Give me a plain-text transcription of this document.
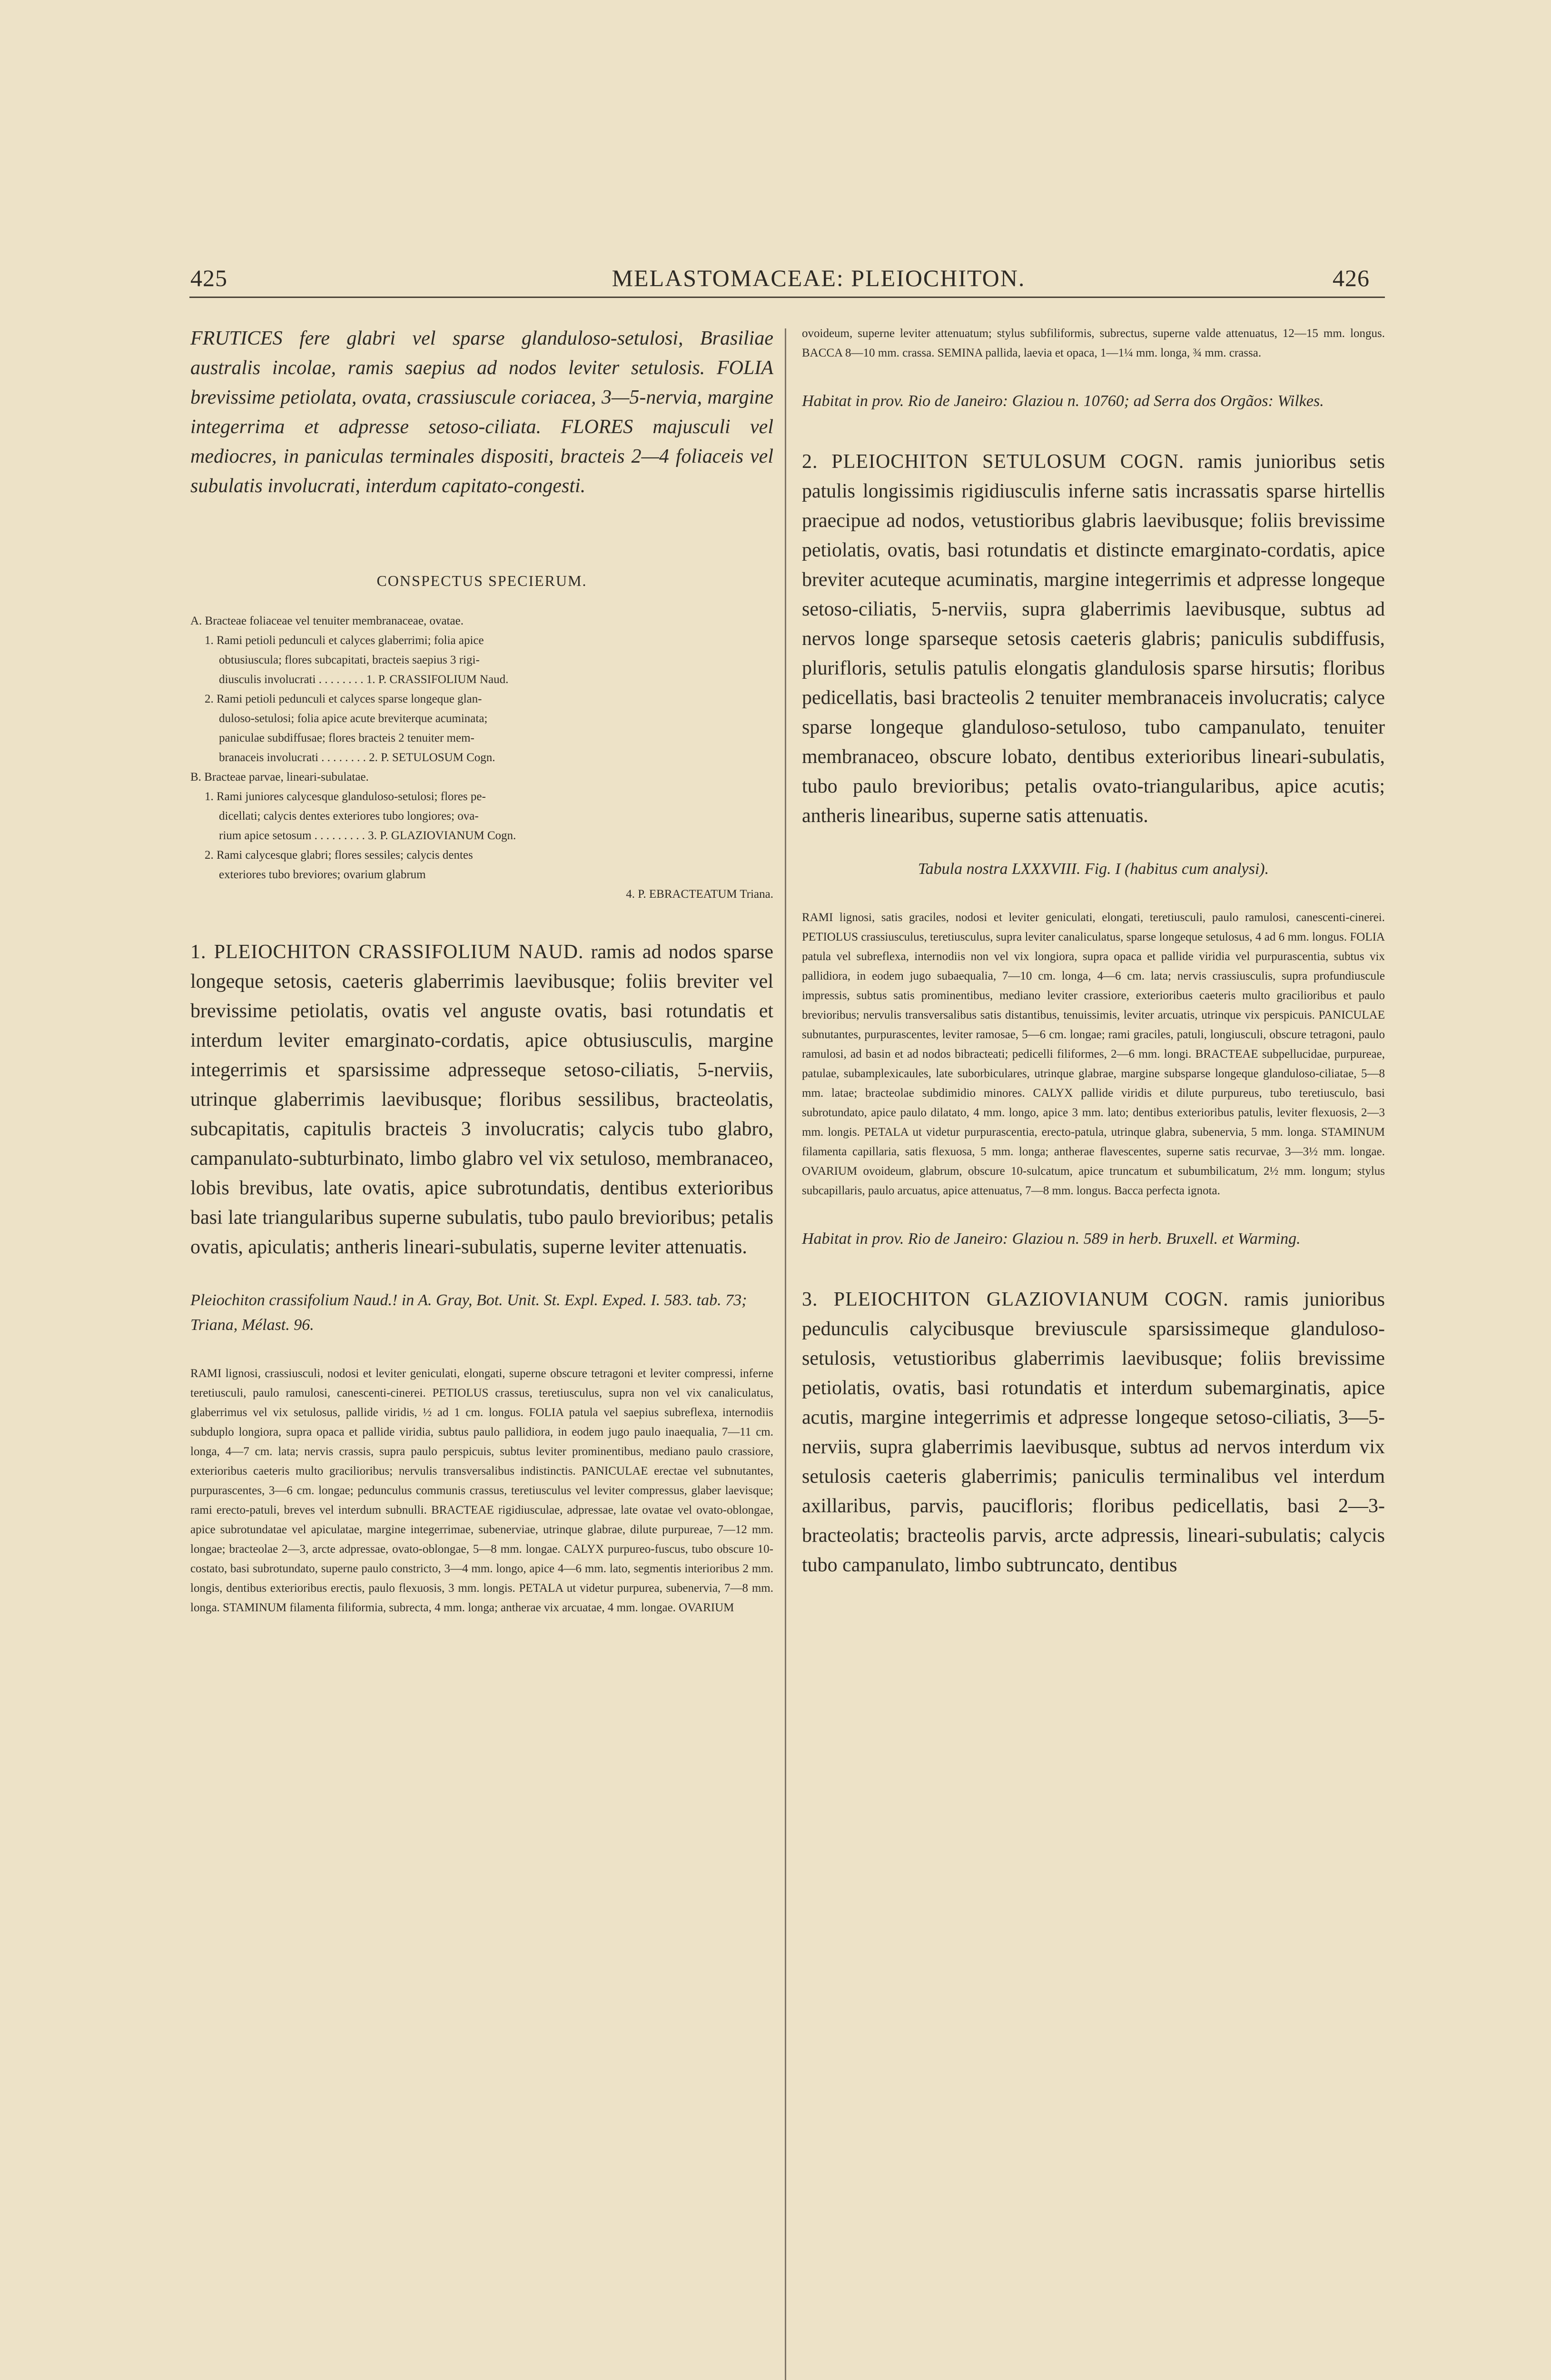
425	MELASTOMACEAE: PLEIOCHITON.	426

FRUTICES fere glabri vel sparse glanduloso-setulosi, Brasiliae australis incolae, ramis saepius ad nodos leviter setulosis. FOLIA brevissime petiolata, ovata, crassiuscule coriacea, 3—5-nervia, margine integerrima et adpresse setoso-ciliata. FLORES majusculi vel mediocres, in paniculas terminales dispositi, bracteis 2—4 foliaceis vel subulatis involucrati, interdum capitato-congesti.

CONSPECTUS SPECIERUM.
A. Bracteae foliaceae vel tenuiter membranaceae, ovatae.
1. Rami petioli pedunculi et calyces glaberrimi; folia apice
obtusiuscula; flores subcapitati, bracteis saepius 3 rigi-
diusculis involucrati . . . . . . . . 1. P. CRASSIFOLIUM Naud.
2. Rami petioli pedunculi et calyces sparse longeque glan-
duloso-setulosi; folia apice acute breviterque acuminata;
paniculae subdiffusae; flores bracteis 2 tenuiter mem-
branaceis involucrati . . . . . . . . 2. P. SETULOSUM Cogn.
B. Bracteae parvae, lineari-subulatae.
1. Rami juniores calycesque glanduloso-setulosi; flores pe-
dicellati; calycis dentes exteriores tubo longiores; ova-
rium apice setosum . . . . . . . . . 3. P. GLAZIOVIANUM Cogn.
2. Rami calycesque glabri; flores sessiles; calycis dentes
exteriores tubo breviores; ovarium glabrum
4. P. EBRACTEATUM Triana.

1. PLEIOCHITON CRASSIFOLIUM NAUD. ramis ad nodos sparse longeque setosis, caeteris glaberrimis laevibusque; foliis breviter vel brevissime petiolatis, ovatis vel anguste ovatis, basi rotundatis et interdum leviter emarginato-cordatis, apice obtusiusculis, margine integerrimis et sparsissime adpresseque setoso-ciliatis, 5-nerviis, utrinque glaberrimis laevibusque; floribus sessilibus, bracteolatis, subcapitatis, capitulis bracteis 3 involucratis; calycis tubo glabro, campanulato-subturbinato, limbo glabro vel vix setuloso, membranaceo, lobis brevibus, late ovatis, apice subrotundatis, dentibus exterioribus basi late triangularibus superne subulatis, tubo paulo brevioribus; petalis ovatis, apiculatis; antheris lineari-subulatis, superne leviter attenuatis.

Pleiochiton crassifolium Naud.! in A. Gray, Bot. Unit. St. Expl. Exped. I. 583. tab. 73; Triana, Mélast. 96.

RAMI lignosi, crassiusculi, nodosi et leviter geniculati, elongati, superne obscure tetragoni et leviter compressi, inferne teretiusculi, paulo ramulosi, canescenti-cinerei. PETIOLUS crassus, teretiusculus, supra non vel vix canaliculatus, glaberrimus vel vix setulosus, pallide viridis, ½ ad 1 cm. longus. FOLIA patula vel saepius subreflexa, internodiis subduplo longiora, supra opaca et pallide viridia, subtus paulo pallidiora, in eodem jugo paulo inaequalia, 7—11 cm. longa, 4—7 cm. lata; nervis crassis, supra paulo perspicuis, subtus leviter prominentibus, mediano paulo crassiore, exterioribus caeteris multo gracilioribus; nervulis transversalibus indistinctis. PANICULAE erectae vel subnutantes, purpurascentes, 3—6 cm. longae; pedunculus communis crassus, teretiusculus vel leviter compressus, glaber laevisque; rami erecto-patuli, breves vel interdum subnulli. BRACTEAE rigidiusculae, adpressae, late ovatae vel ovato-oblongae, apice subrotundatae vel apiculatae, margine integerrimae, subenerviae, utrinque glabrae, dilute purpureae, 7—12 mm. longae; bracteolae 2—3, arcte adpressae, ovato-oblongae, 5—8 mm. longae. CALYX purpureo-fuscus, tubo obscure 10-costato, basi subrotundato, superne paulo constricto, 3—4 mm. longo, apice 4—6 mm. lato, segmentis interioribus 2 mm. longis, dentibus exterioribus erectis, paulo flexuosis, 3 mm. longis. PETALA ut videtur purpurea, subenervia, 7—8 mm. longa. STAMINUM filamenta filiformia, subrecta, 4 mm. longa; antherae vix arcuatae, 4 mm. longae. OVARIUM

ovoideum, superne leviter attenuatum; stylus subfiliformis, subrectus, superne valde attenuatus, 12—15 mm. longus. BACCA 8—10 mm. crassa. SEMINA pallida, laevia et opaca, 1—1¼ mm. longa, ¾ mm. crassa.

Habitat in prov. Rio de Janeiro: Glaziou n. 10760; ad Serra dos Orgãos: Wilkes.

2. PLEIOCHITON SETULOSUM COGN. ramis junioribus setis patulis longissimis rigidiusculis inferne satis incrassatis sparse hirtellis praecipue ad nodos, vetustioribus glabris laevibusque; foliis brevissime petiolatis, ovatis, basi rotundatis et distincte emarginato-cordatis, apice breviter acuteque acuminatis, margine integerrimis et adpresse longeque setoso-ciliatis, 5-nerviis, supra glaberrimis laevibusque, subtus ad nervos longe sparseque setosis caeteris glabris; paniculis subdiffusis, plurifloris, setulis patulis elongatis glandulosis sparse hirsutis; floribus pedicellatis, basi bracteolis 2 tenuiter membranaceis involucratis; calyce sparse longeque glanduloso-setuloso, tubo campanulato, tenuiter membranaceo, obscure lobato, dentibus exterioribus lineari-subulatis, tubo paulo brevioribus; petalis ovato-triangularibus, apice acutis; antheris linearibus, superne satis attenuatis.

Tabula nostra LXXXVIII. Fig. I (habitus cum analysi).

RAMI lignosi, satis graciles, nodosi et leviter geniculati, elongati, teretiusculi, paulo ramulosi, canescenti-cinerei. PETIOLUS crassiusculus, teretiusculus, supra leviter canaliculatus, sparse longeque setulosus, 4 ad 6 mm. longus. FOLIA patula vel subreflexa, internodiis non vel vix longiora, supra opaca et pallide viridia vel purpurascentia, subtus vix pallidiora, in eodem jugo subaequalia, 7—10 cm. longa, 4—6 cm. lata; nervis crassiusculis, supra profundiuscule impressis, subtus satis prominentibus, mediano leviter crassiore, exterioribus caeteris multo gracilioribus et paulo brevioribus; nervulis transversalibus satis distantibus, tenuissimis, leviter arcuatis, utrinque vix perspicuis. PANICULAE subnutantes, purpurascentes, leviter ramosae, 5—6 cm. longae; rami graciles, patuli, longiusculi, obscure tetragoni, paulo ramulosi, ad basin et ad nodos bibracteati; pedicelli filiformes, 2—6 mm. longi. BRACTEAE subpellucidae, purpureae, patulae, subamplexicaules, late suborbiculares, utrinque glabrae, margine subsparse longeque glanduloso-ciliatae, 5—8 mm. latae; bracteolae subdimidio minores. CALYX pallide viridis et dilute purpureus, tubo teretiusculo, basi subrotundato, apice paulo dilatato, 4 mm. longo, apice 3 mm. lato; dentibus exterioribus patulis, leviter flexuosis, 2—3 mm. longis. PETALA ut videtur purpurascentia, erecto-patula, utrinque glabra, subenervia, 5 mm. longa. STAMINUM filamenta capillaria, satis flexuosa, 5 mm. longa; antherae flavescentes, superne satis recurvae, 3—3½ mm. longae. OVARIUM ovoideum, glabrum, obscure 10-sulcatum, apice truncatum et subumbilicatum, 2½ mm. longum; stylus subcapillaris, paulo arcuatus, apice attenuatus, 7—8 mm. longus. Bacca perfecta ignota.

Habitat in prov. Rio de Janeiro: Glaziou n. 589 in herb. Bruxell. et Warming.

3. PLEIOCHITON GLAZIOVIANUM COGN. ramis junioribus pedunculis calycibusque breviuscule sparsissimeque glanduloso-setulosis, vetustioribus glaberrimis laevibusque; foliis brevissime petiolatis, ovatis, basi rotundatis et interdum subemarginatis, apice acutis, margine integerrimis et adpresse longeque setoso-ciliatis, 3—5-nerviis, supra glaberrimis laevibusque, subtus ad nervos interdum vix setulosis caeteris glaberrimis; paniculis terminalibus vel interdum axillaribus, parvis, paucifloris; floribus pedicellatis, basi 2—3-bracteolatis; bracteolis parvis, arcte adpressis, lineari-subulatis; calycis tubo campanulato, limbo subtruncato, dentibus
